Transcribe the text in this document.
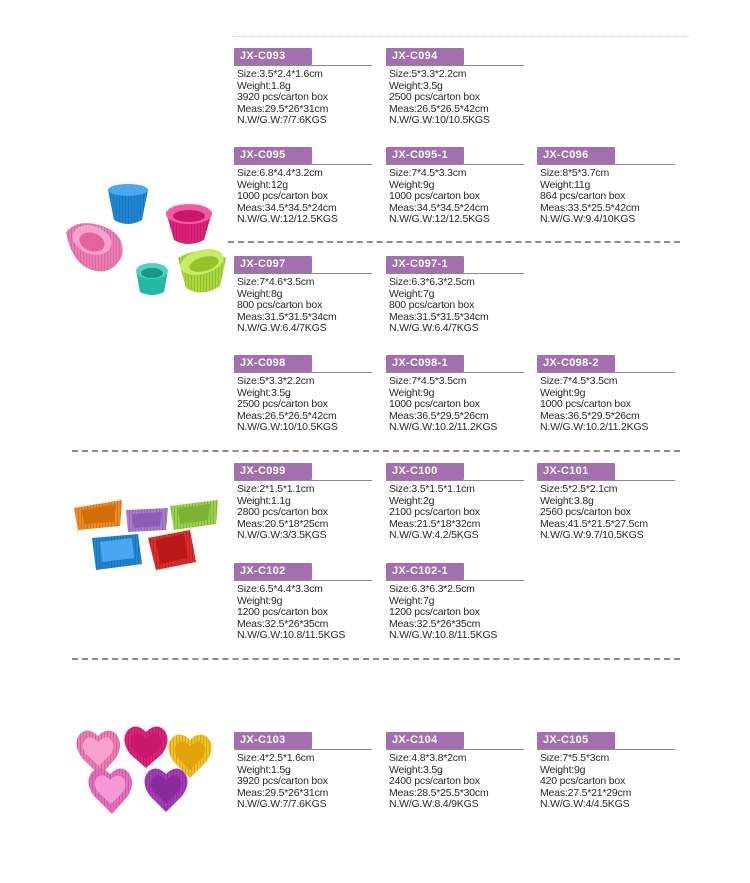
JX-C093
Size:3.5*2.4*1.6cm
Weight:1.8g
3920 pcs/carton box
Meas:29.5*26*31cm
N.W/G.W:7/7.6KGS
JX-C094
Size:5*3.3*2.2cm
Weight:3.5g
2500 pcs/carton box
Meas:26.5*26.5*42cm
N.W/G.W:10/10.5KGS
JX-C095
Size:6.8*4.4*3.2cm
Weight:12g
1000 pcs/carton box
Meas:34.5*34.5*24cm
N.W/G.W:12/12.5KGS
JX-C095-1
Size:7*4.5*3.3cm
Weight:9g
1000 pcs/carton box
Meas:34.5*34.5*24cm
N.W/G.W:12/12.5KGS
JX-C096
Size:8*5*3.7cm
Weight:11g
864 pcs/carton box
Meas:33.5*25.5*42cm
N.W/G.W:9.4/10KGS
JX-C097
Size:7*4.6*3.5cm
Weight:8g
800 pcs/carton box
Meas:31.5*31.5*34cm
N.W/G.W:6.4/7KGS
JX-C097-1
Size:6.3*6.3*2.5cm
Weight:7g
800 pcs/carton box
Meas:31.5*31.5*34cm
N.W/G.W:6.4/7KGS
JX-C098
Size:5*3.3*2.2cm
Weight:3.5g
2500 pcs/carton box
Meas:26.5*26.5*42cm
N.W/G.W:10/10.5KGS
JX-C098-1
Size:7*4.5*3.5cm
Weight:9g
1000 pcs/carton box
Meas:36.5*29.5*26cm
N.W/G.W:10.2/11.2KGS
JX-C098-2
Size:7*4.5*3.5cm
Weight:9g
1000 pcs/carton box
Meas:36.5*29.5*26cm
N.W/G.W:10.2/11.2KGS
JX-C099
Size:2*1.5*1.1cm
Weight:1.1g
2800 pcs/carton box
Meas:20.5*18*25cm
N.W/G.W:3/3.5KGS
JX-C100
Size:3.5*1.5*1.1cm
Weight:2g
2100 pcs/carton box
Meas:21.5*18*32cm
N.W/G.W:4.2/5KGS
JX-C101
Size:5*2.5*2.1cm
Weight:3.8g
2560 pcs/carton box
Meas:41.5*21.5*27.5cm
N.W/G.W:9.7/10.5KGS
JX-C102
Size:6.5*4.4*3.3cm
Weight:9g
1200 pcs/carton box
Meas:32.5*26*35cm
N.W/G.W:10.8/11.5KGS
JX-C102-1
Size:6.3*6.3*2.5cm
Weight:7g
1200 pcs/carton box
Meas:32.5*26*35cm
N.W/G.W:10.8/11.5KGS
JX-C103
Size:4*2.5*1.6cm
Weight:1.5g
3920 pcs/carton box
Meas:29.5*26*31cm
N.W/G.W:7/7.6KGS
JX-C104
Size:4.8*3.8*2cm
Weight:3.5g
2400 pcs/carton box
Meas:28.5*25.5*30cm
N.W/G.W:8.4/9KGS
JX-C105
Size:7*5.5*3cm
Weight:9g
420 pcs/carton box
Meas:27.5*21*29cm
N.W/G.W:4/4.5KGS
